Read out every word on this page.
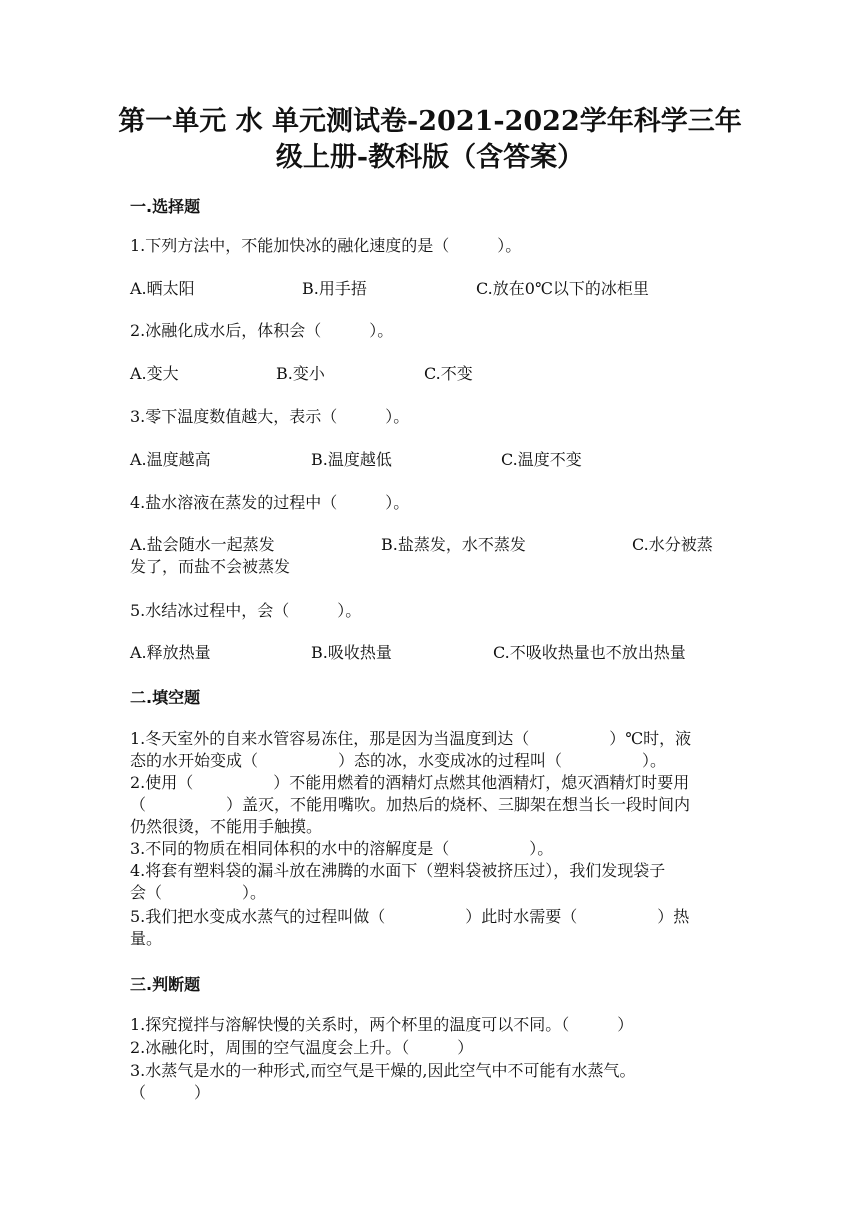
第一单元 水 单元测试卷-2021-2022学年科学三年
级上册-教科版（含答案）
一.选择题
1.下列方法中，不能加快冰的融化速度的是（　　　）。
A.晒太阳	B.用手捂	C.放在0℃以下的冰柜里
2.冰融化成水后，体积会（　　　）。
A.变大	B.变小	C.不变
3.零下温度数值越大，表示（　　　）。
A.温度越高	B.温度越低	C.温度不变
4.盐水溶液在蒸发的过程中（　　　）。
A.盐会随水一起蒸发	B.盐蒸发，水不蒸发	C.水分被蒸
发了，而盐不会被蒸发
5.水结冰过程中，会（　　　）。
A.释放热量	B.吸收热量	C.不吸收热量也不放出热量
二.填空题
1.冬天室外的自来水管容易冻住，那是因为当温度到达（　　　　　）℃时，液
态的水开始变成（　　　　　）态的冰，水变成冰的过程叫（　　　　　）。
2.使用（　　　　　）不能用燃着的酒精灯点燃其他酒精灯，熄灭酒精灯时要用
（　　　　　）盖灭，不能用嘴吹。加热后的烧杯、三脚架在想当长一段时间内
仍然很烫，不能用手触摸。
3.不同的物质在相同体积的水中的溶解度是（　　　　　）。
4.将套有塑料袋的漏斗放在沸腾的水面下（塑料袋被挤压过），我们发现袋子
会（　　　　　）。
5.我们把水变成水蒸气的过程叫做（　　　　　）此时水需要（　　　　　）热
量。
三.判断题
1.探究搅拌与溶解快慢的关系时，两个杯里的温度可以不同。（　　　）
2.冰融化时，周围的空气温度会上升。（　　　）
3.水蒸气是水的一种形式,而空气是干燥的,因此空气中不可能有水蒸气。
（　　　）
